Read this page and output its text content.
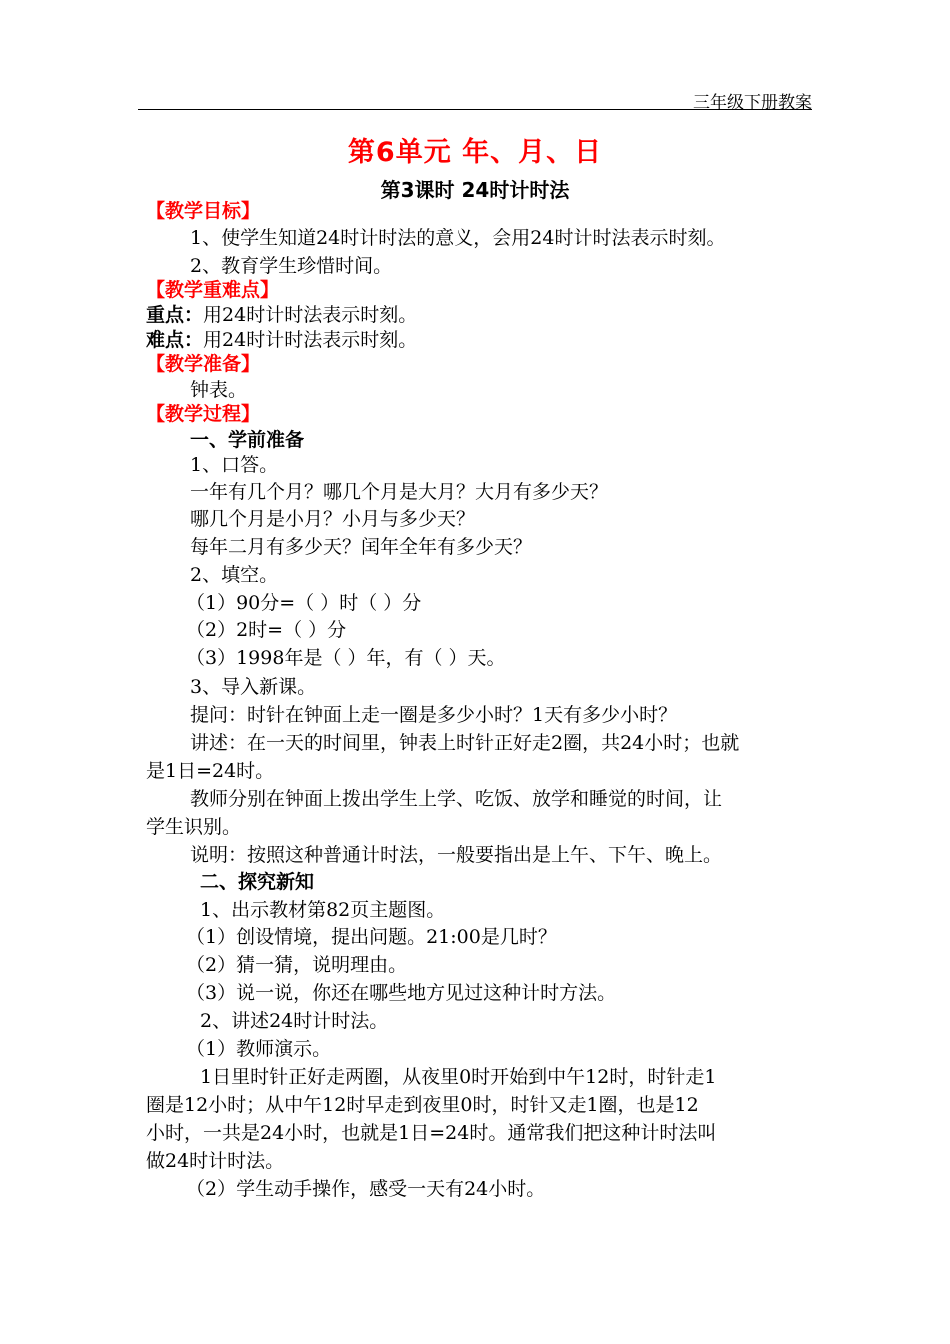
三年级下册教案
第6单元 年、月、日
第3课时 24时计时法
【教学目标】
1、使学生知道24时计时法的意义，会用24时计时法表示时刻。
2、教育学生珍惜时间。
【教学重难点】
重点：用24时计时法表示时刻。
难点：用24时计时法表示时刻。
【教学准备】
钟表。
【教学过程】
一、学前准备
1、口答。
一年有几个月？哪几个月是大月？大月有多少天？
哪几个月是小月？小月与多少天？
每年二月有多少天？闰年全年有多少天？
2、填空。
（1）90分=（ ）时（ ）分
（2）2时=（ ）分
（3）1998年是（ ）年，有（ ）天。
3、导入新课。
提问：时针在钟面上走一圈是多少小时？1天有多少小时？
讲述：在一天的时间里，钟表上时针正好走2圈，共24小时；也就
是1日=24时。
教师分别在钟面上拨出学生上学、吃饭、放学和睡觉的时间，让
学生识别。
说明：按照这种普通计时法，一般要指出是上午、下午、晚上。
二、探究新知
1、出示教材第82页主题图。
（1）创设情境，提出问题。21:00是几时？
（2）猜一猜，说明理由。
（3）说一说，你还在哪些地方见过这种计时方法。
2、讲述24时计时法。
（1）教师演示。
1日里时针正好走两圈，从夜里0时开始到中午12时，时针走1
圈是12小时；从中午12时早走到夜里0时，时针又走1圈，也是12
小时，一共是24小时，也就是1日=24时。通常我们把这种计时法叫
做24时计时法。
（2）学生动手操作，感受一天有24小时。
